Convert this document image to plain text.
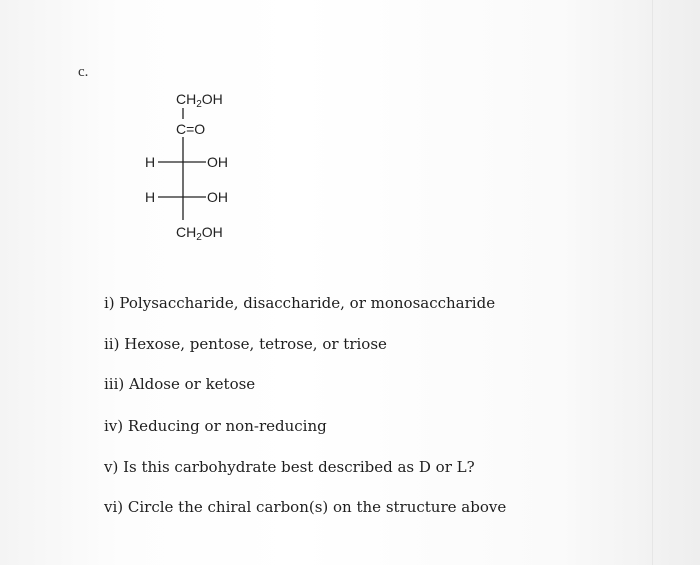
c.
$CH_2OH$
C=O
H	OH
H	OH
$CH_2OH$
i) Polysaccharide, disaccharide, or monosaccharide
ii) Hexose, pentose, tetrose, or triose
iii) Aldose or ketose
iv) Reducing or non-reducing
v) Is this carbohydrate best described as D or L?
vi) Circle the chiral carbon(s) on the structure above
